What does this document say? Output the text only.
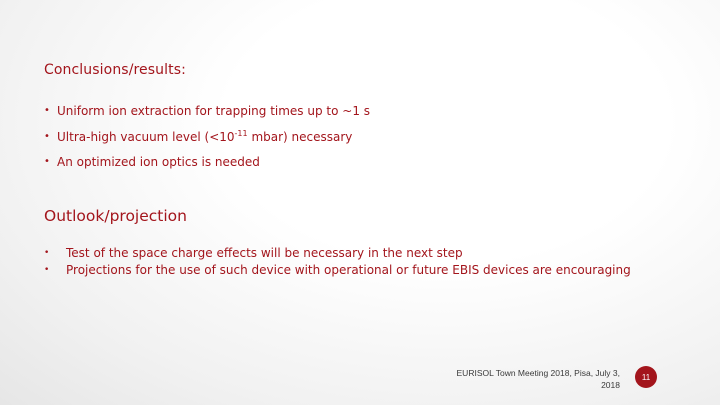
Conclusions/results:
• Uniform ion extraction for trapping times up to ~1 s
• Ultra-high vacuum level ($<10^{-11}$ mbar) necessary
• An optimized ion optics is needed
Outlook/projection
• Test of the space charge effects will be necessary in the next step
• Projections for the use of such device with operational or future EBIS devices are encouraging
EURISOL Town Meeting 2018, Pisa, July 3,
2018
11
